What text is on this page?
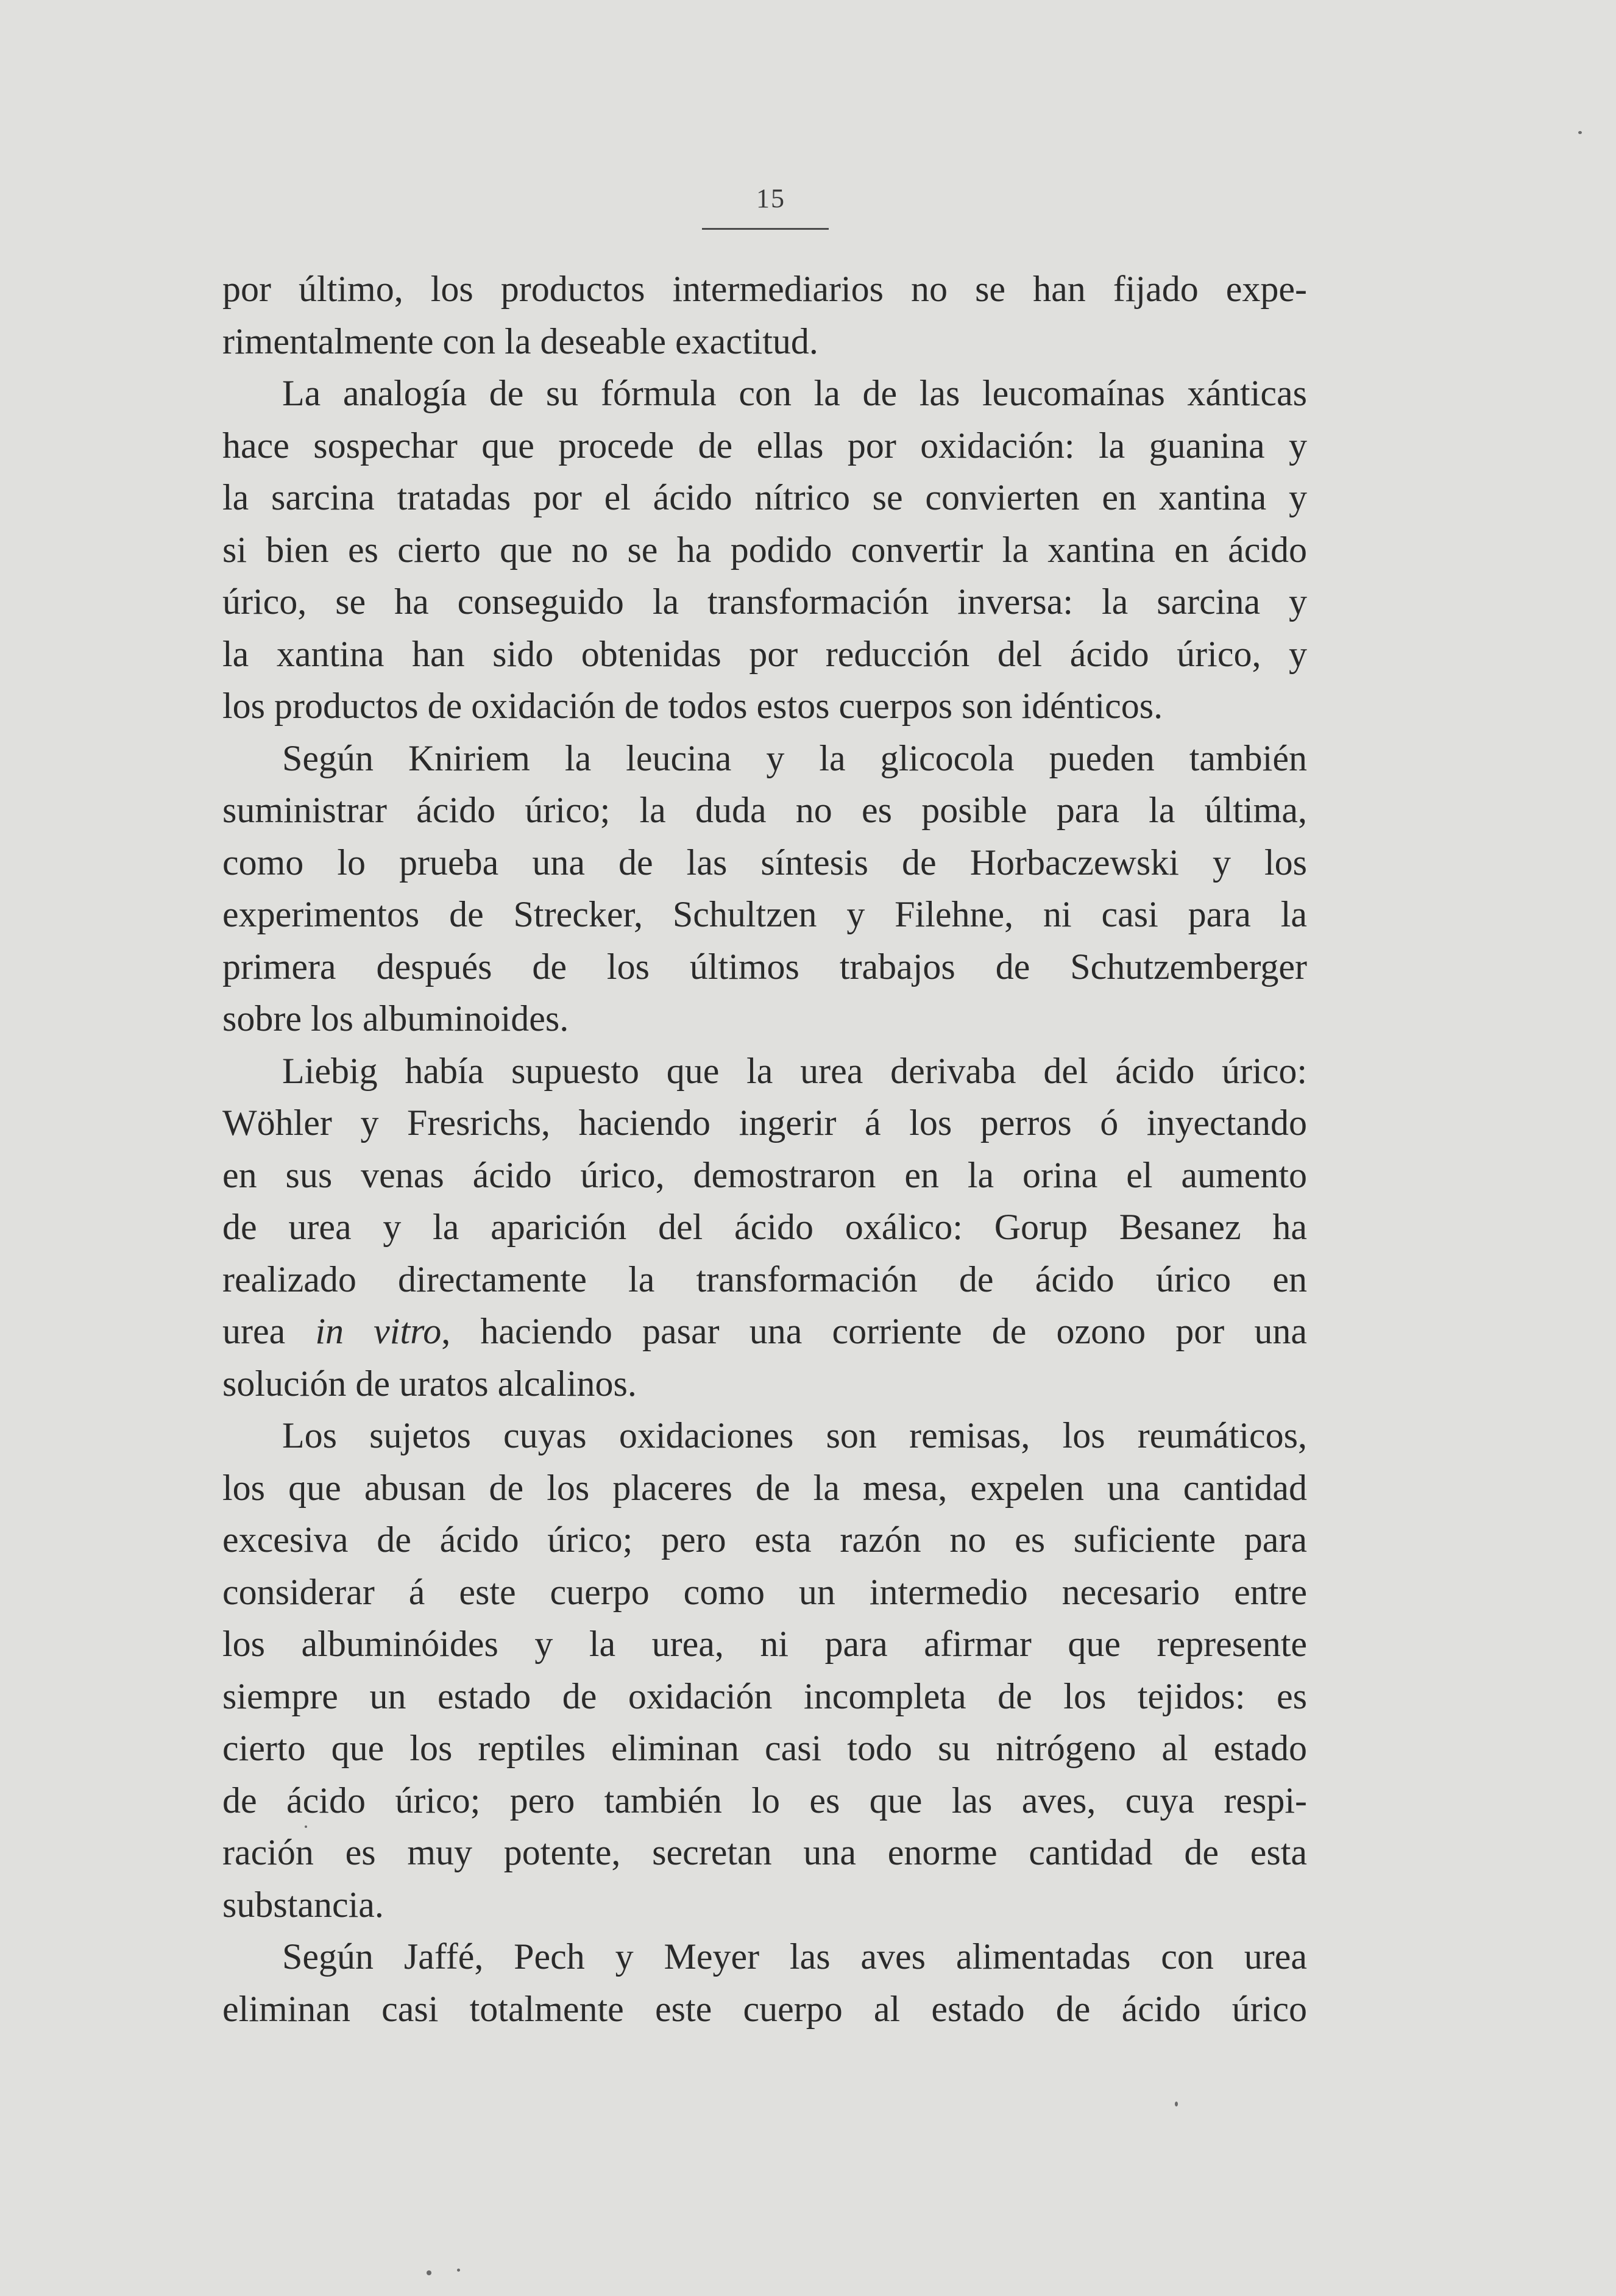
15
por último, los productos intermediarios no se han fijado expe-
rimentalmente con la deseable exactitud.
La analogía de su fórmula con la de las leucomaínas xánticas
hace sospechar que procede de ellas por oxidación: la guanina y
la sarcina tratadas por el ácido nítrico se convierten en xantina y
si bien es cierto que no se ha podido convertir la xantina en ácido
úrico, se ha conseguido la transformación inversa: la sarcina y
la xantina han sido obtenidas por reducción del ácido úrico, y
los productos de oxidación de todos estos cuerpos son idénticos.
Según Kniriem la leucina y la glicocola pueden también
suministrar ácido úrico; la duda no es posible para la última,
como lo prueba una de las síntesis de Horbaczewski y los
experimentos de Strecker, Schultzen y Filehne, ni casi para la
primera después de los últimos trabajos de Schutzemberger
sobre los albuminoides.
Liebig había supuesto que la urea derivaba del ácido úrico:
Wöhler y Fresrichs, haciendo ingerir á los perros ó inyectando
en sus venas ácido úrico, demostraron en la orina el aumento
de urea y la aparición del ácido oxálico: Gorup Besanez ha
realizado directamente la transformación de ácido úrico en
urea in vitro, haciendo pasar una corriente de ozono por una
solución de uratos alcalinos.
Los sujetos cuyas oxidaciones son remisas, los reumáticos,
los que abusan de los placeres de la mesa, expelen una cantidad
excesiva de ácido úrico; pero esta razón no es suficiente para
considerar á este cuerpo como un intermedio necesario entre
los albuminóides y la urea, ni para afirmar que represente
siempre un estado de oxidación incompleta de los tejidos: es
cierto que los reptiles eliminan casi todo su nitrógeno al estado
de ácido úrico; pero también lo es que las aves, cuya respi-
ración es muy potente, secretan una enorme cantidad de esta
substancia.
Según Jaffé, Pech y Meyer las aves alimentadas con urea
eliminan casi totalmente este cuerpo al estado de ácido úrico
